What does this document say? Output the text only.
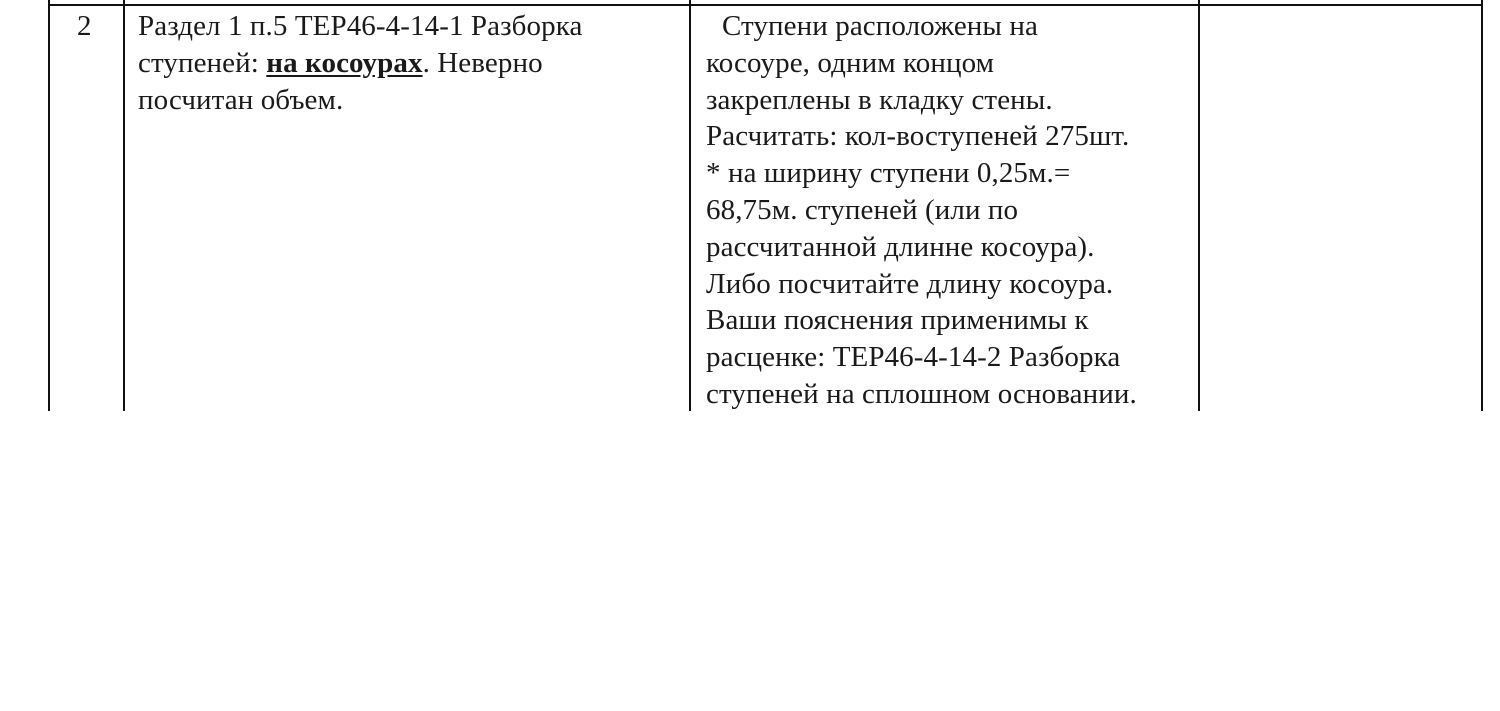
2	Раздел 1 п.5 ТЕР46-4-14-1 Разборка
ступеней: на косоурах. Неверно
посчитан объем.
Ступени расположены на
косоуре, одним концом
закреплены в кладку стены.
Расчитать: кол-воступеней 275шт.
* на ширину ступени 0,25м.=
68,75м. ступеней (или по
рассчитанной длинне косоура).
Либо посчитайте длину косоура.
Ваши пояснения применимы к
расценке: ТЕР46-4-14-2 Разборка
ступеней на сплошном основании.
